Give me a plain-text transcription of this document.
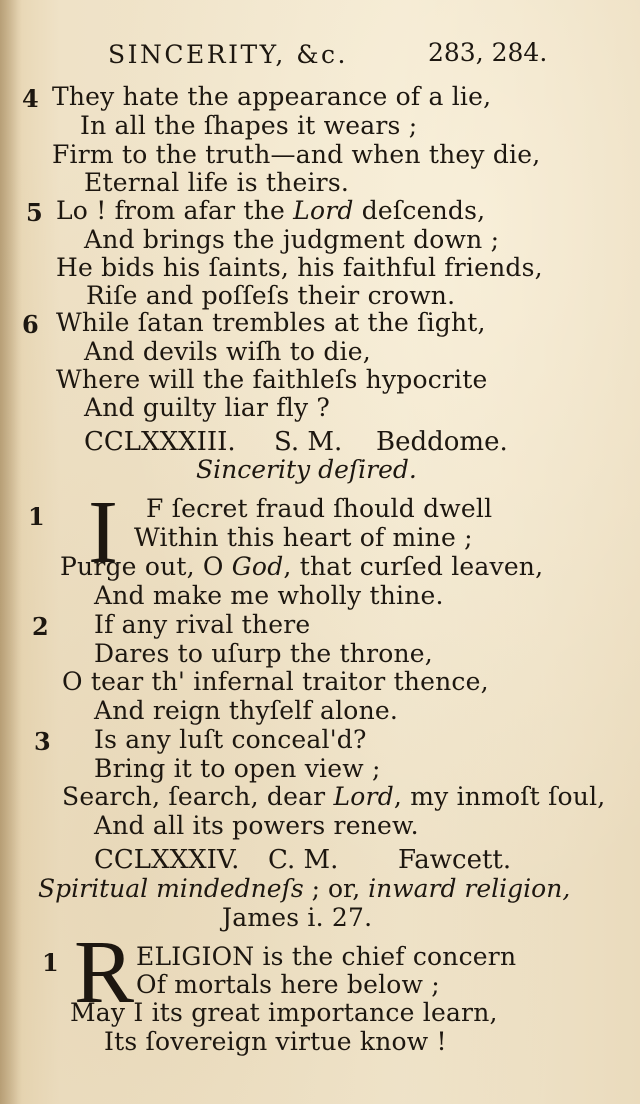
SINCERITY, &c.	283, 284.
4 They hate the appearance of a lie,
In all the ſhapes it wears ;
Firm to the truth—and when they die,
Eternal life is theirs.
5 Lo ! from afar the Lord deſcends,
And brings the judgment down ;
He bids his ſaints, his faithful friends,
Riſe and poſſeſs their crown.
6 While ſatan trembles at the ſight,
And devils wiſh to die,
Where will the faithleſs hypocrite
And guilty liar fly ?
CCLXXXIII. S. M. Beddome.
Sincerity deſired.
1 I F ſecret fraud ſhould dwell
Within this heart of mine ;
Purge out, O God, that curſed leaven,
And make me wholly thine.
2 If any rival there
Dares to uſurp the throne,
O tear th' infernal traitor thence,
And reign thyſelf alone.
3 Is any luſt conceal'd?
Bring it to open view ;
Search, ſearch, dear Lord, my inmoſt ſoul,
And all its powers renew.
CCLXXXIV. C. M. Fawcett.
Spiritual mindedneſs ; or, inward religion,
James i. 27.
1 R ELIGION is the chief concern
Of mortals here below ;
May I its great importance learn,
Its ſovereign virtue know !
